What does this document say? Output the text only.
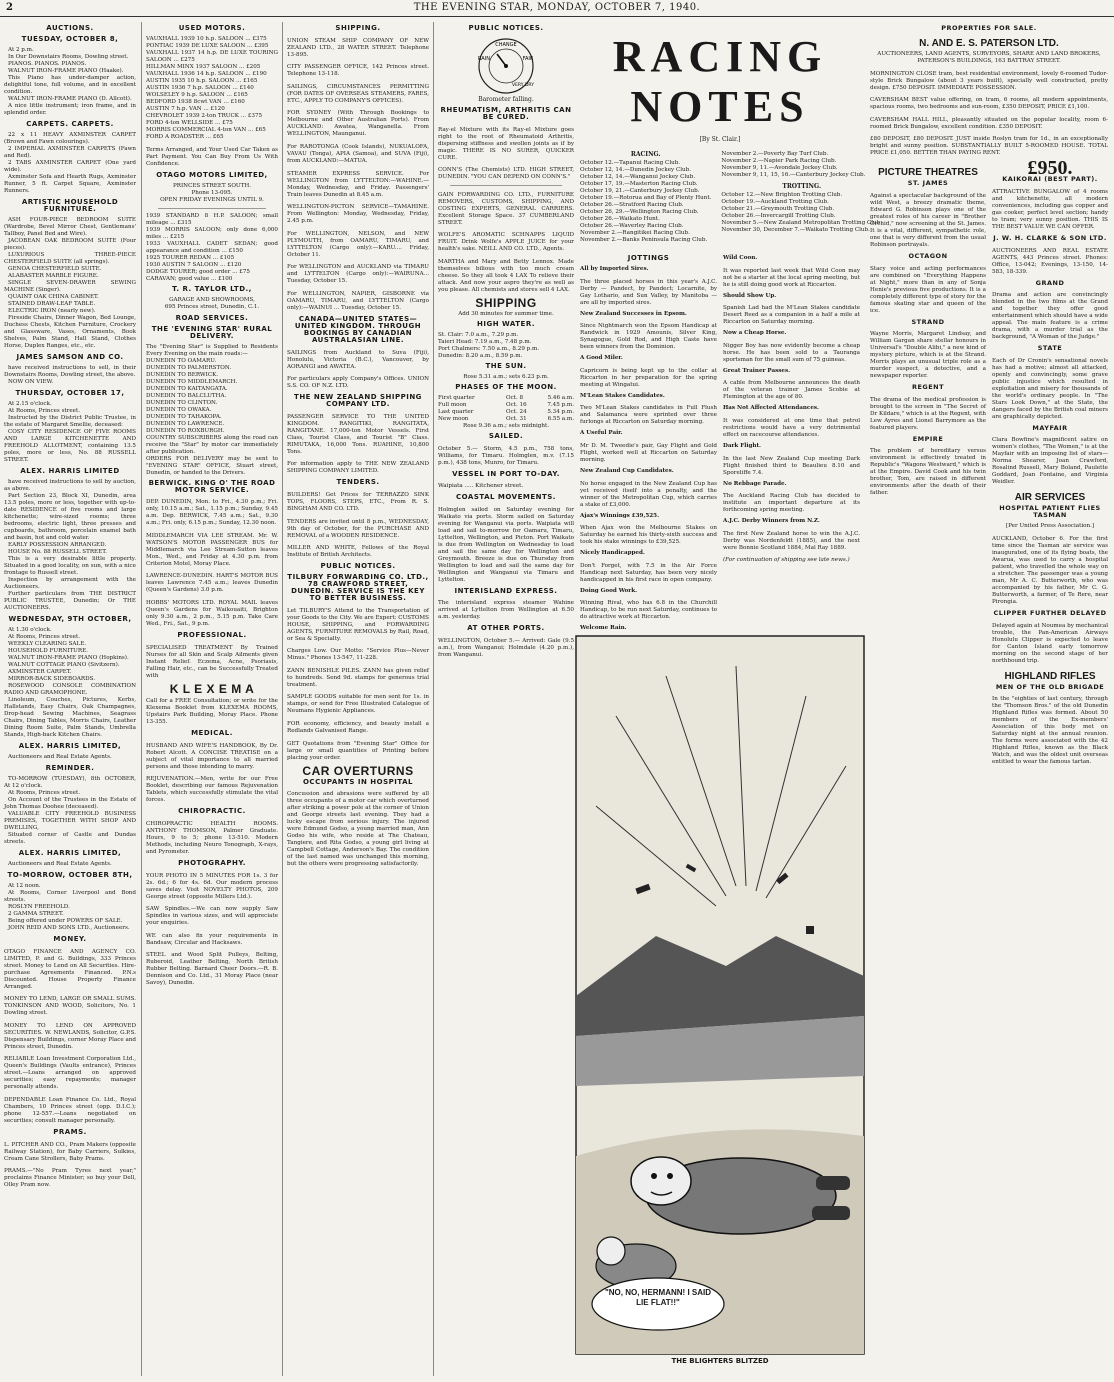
2	THE EVENING STAR, MONDAY, OCTOBER 7, 1940.
AUCTIONS.
TUESDAY, OCTOBER 8,

At 2 p.m.

In Our Downstairs Rooms, Dowling street.

PIANOS. PIANOS. PIANOS.

WALNUT IRON-FRAME PIANO (Haake).

This Piano has under-damper action, delightful tone, full volume, and in excellent condition.

WALNUT IRON-FRAME PIANO (D. Allcott).

A nice little instrument; iron frame, and in splendid order.

CARPETS. CARPETS.

22 x 11 HEAVY AXMINSTER CARPET (Brown and Fawn colourings).

2 IMPERIAL AXMINSTER CARPETS (Fawn and Red).

2 TABS AXMINSTER CARPET (One yard wide).

Axminster Sofa and Hearth Rugs, Axminster Runner, 5 ft. Carpet Square, Axminster Runners.

ARTISTIC HOUSEHOLD FURNITURE.

ASH FOUR-PIECE BEDROOM SUITE (Wardrobe, Bevel Mirror Chest, Gentlemans' Tallboy, Panel Bed and Wire).

JACOBEAN OAK BEDROOM SUITE (Four pieces).

LUXURIOUS THREE-PIECE CHESTERFIELD SUITE (all springs).

GENOA CHESTERFIELD SUITE.

ALABASTER MARBLE FIGURE.

SINGLE SEVEN-DRAWER SEWING MACHINE (Singer).

QUAINT OAK CHINA CABINET.

STAINED DRAW-LEAF TABLE.

ELECTRIC IRON (nearly new).

Fireside Chairs, Dinner Wagon, Bed Lounge, Duchess Chests, Kitchen Furniture, Crockery and Glassware, Vases, Ornaments, Book Shelves, Palm Stand, Hall Stand, Clothes Horse, Duplex Ranges, etc., etc.

JAMES SAMSON AND CO.

have received instructions to sell, in their Downstairs Rooms, Dowling street, the above.

NOW ON VIEW.

THURSDAY, OCTOBER 17,

At 2.15 o'clock.

At Rooms, Princes street.

Instructed by the District Public Trustee, in the estate of Margaret Smellie, deceased:

COSY CITY RESIDENCE OF FIVE ROOMS AND LARGE KITCHENETTE AND FREEHOLD ALLOTMENT, containing 13.5 poles, more or less, No. 88 RUSSELL STREET.

ALEX. HARRIS LIMITED

have received instructions to sell by auction, as above.

Part Section 23, Block XI, Dunedin, area 13.5 poles, more or less, together with up-to-date RESIDENCE of five rooms and large kitchenette; wire-sized rooms; three bedrooms, electric light, three presses and cupboards, bathroom, porcelain enamel bath and basin, hot and cold water.

EARLY POSSESSION ARRANGED.

HOUSE No. 88 RUSSELL STREET.

This is a very desirable little property. Situated in a good locality, on sun, with a nice frontage to Russell street.

Inspection by arrangement with the Auctioneers.

Further particulars from THE DISTRICT PUBLIC TRUSTEE, Dunedin; Or THE AUCTIONEERS.

WEDNESDAY, 9TH OCTOBER,

At 1.30 o'clock.

At Rooms, Princes street.

WEEKLY CLEARING SALE.

HOUSEHOLD FURNITURE.

WALNUT IRON-FRAME PIANO (Hopkins).

WALNUT COTTAGE PIANO (Sivitzern).

AXMINSTER CARPET.

MIRROR-BACK SIDEBOARDS.

ROSEWOOD CONSOLE COMBINATION RADIO AND GRAMOPHONE.

Linoleum, Couches, Pictures, Kerbs, Hallstands, Easy Chairs, Oak Champagnes, Drop-head Sewing Machines, Seagrass Chairs, Dining Tables, Morris Chairs, Leather Dining Room Suite, Palm Stands, Umbrella Stands, High-back Kitchen Chairs.

ALEX. HARRIS LIMITED,

Auctioneers and Real Estate Agents.

REMINDER.

TO-MORROW (TUESDAY), 8th OCTOBER, At 12 o'clock.

At Rooms, Princes street.

On Account of the Trustees in the Estate of John Thomas Doohee (deceased).

VALUABLE CITY FREEHOLD BUSINESS PREMISES, TOGETHER WITH SHOP AND DWELLING,

Situated corner of Castle and Dundas streets.

ALEX. HARRIS LIMITED,

Auctioneers and Real Estate Agents.

TO-MORROW, OCTOBER 8TH,

At 12 noon.

At Rooms, Corner Liverpool and Bond streets.

ROSLYN FREEHOLD.

2 GAMMA STREET.

Being offered under POWERS OF SALE.

JOHN REID AND SONS LTD., Auctioneers.

MONEY.

OTAGO FINANCE AND AGENCY CO. LIMITED, P. and G. Buildings, 333 Princes street. Money to Lend on All Securities. Hire-purchase Agreements Financed. P.N.s Discounted. House Property Finance Arranged.

MONEY TO LEND, LARGE OR SMALL SUMS. TONKINSON AND WOOD, Solicitors, No. 1 Dowling street.

MONEY TO LEND ON APPROVED SECURITIES. W. NEWLANDS, Solicitor, G.P.S. Dispensary Buildings, corner Moray Place and Princes street, Dunedin.

RELIABLE Loan Investment Corporation Ltd., Queen's Buildings (Vaults entrance), Princes street.—Loans arranged on approved securities; easy repayments; manager personally attends.

DEPENDABLE Loan Finance Co. Ltd., Royal Chambers, 10 Princes street (opp. D.I.C.); phone 12-557.—Loans negotiated on securities; consult manager personally.

PRAMS.

L. PITCHER AND CO., Pram Makers (opposite Railway Station), for Baby Carriers, Sulkies, Cream Cane Strollers, Baby Prams.

PRAMS.—"No Pram Tyres next year," proclaims Finance Minister; so buy your Dell, Olley Pram now.

USED MOTORS.
VAUXHALL 1939 10 h.p. SALOON ... £375
PONTIAC 1939 DE LUXE SALOON ... £395
VAUXHALL 1937 14 h.p. DE LUXE TOURING SALOON ... £275
HILLMAN MINX 1937 SALOON ... £205
VAUXHALL 1936 14 h.p. SALOON ... £190
AUSTIN 1935 10 h.p. SALOON ... £165
AUSTIN 1936 7 h.p. SALOON ... £140
WOLSELEY 9 h.p. SALOON ... £165
BEDFORD 1938 8cwt VAN ... £160
AUSTIN 7 h.p. VAN ... £120
CHEVROLET 1939 2-ton TRUCK ... £375
FORD 4-ton WELLSIDE ... £75
MORRIS COMMERCIAL 4-ton VAN ... £65
FORD A ROADSTER ... £65

Terms Arranged, and Your Used Car Taken as Part Payment. You Can Buy From Us With Confidence.

OTAGO MOTORS LIMITED,
PRINCES STREET SOUTH.
Phone 13-095.
OPEN FRIDAY EVENINGS UNTIL 9.
1939 STANDARD 8 H.P. SALOON; small mileage ... £315
1939 MORRIS SALOON; only done 6,000 miles ... £215
1933 VAUXHALL CADET SEDAN; good appearance and condition ... £150
1925 TOURER REDAN ... £105
1930 AUSTIN 7 SALOON ... £120
DODGE TOURER; good order ... £75
CARAVAN; good value ... £100
T. R. TAYLOR LTD.,
GARAGE AND SHOWROOMS,
695 Princes street, Dunedin, C.1.
ROAD SERVICES.
THE 'EVENING STAR' RURAL DELIVERY.
The "Evening Star" is Supplied to Residents Every Evening on the main roads:—
DUNEDIN TO OAMARU.
DUNEDIN TO PALMERSTON.
DUNEDIN TO BERWICK.
DUNEDIN TO MIDDLEMARCH.
DUNEDIN TO KAITANGATA.
DUNEDIN TO BALCLUTHA.
DUNEDIN TO CLINTON.
DUNEDIN TO OWAKA.
DUNEDIN TO TAHAKOPA.
DUNEDIN TO LAWRENCE.
DUNEDIN TO ROXBURGH.
COUNTRY SUBSCRIBERS along the road can receive the "Star" by motor car immediately after publication.
ORDERS FOR DELIVERY may be sent to "EVENING STAR" OFFICE, Stuart street, Dunedin, or handed to the Drivers.
BERWICK. KING O' THE ROAD MOTOR SERVICE.

DEP. DUNEDIN, Mon. to Fri., 4.30 p.m.; Fri. only, 10.15 a.m.; Sat., 1.15 p.m.; Sunday, 9.45 a.m. Dep. BERWICK, 7.45 a.m.; Sat., 9.30 a.m.; Fri. only, 6.15 p.m.; Sunday, 12.30 noon.

MIDDLEMARCH VIA LEE STREAM. Mr. W. WATSON'S MOTOR PASSENGER BUS for Middlemarch via Lee Stream-Sutton leaves Mon., Wed., and Friday at 4.30 p.m. from Criterion Motel, Moray Place.

LAWRENCE-DUNEDIN. HART'S MOTOR BUS leaves Lawrence 7.45 a.m.; leaves Dunedin (Queen's Gardens) 3.0 p.m.

HOBBS' MOTORS LTD. ROYAL MAIL leaves Queen's Gardens for Waikouaiti, Brighton only 9.30 a.m., 2 p.m., 5.15 p.m. Take Care Wed., Fri., Sat., 9 p.m.

PROFESSIONAL.

SPECIALISED TREATMENT By Trained Nurses for all Skin and Scalp Ailments given Instant Relief. Eczema, Acne, Psoriasis, Falling Hair, etc., can be Successfully Treated with

K L E X E M A

Call for a FREE Consultation; or write for the Klexema Booklet from KLEXEMA ROOMS, Upstairs Park Building, Moray Place. Phone 13-355.

MEDICAL.

HUSBAND AND WIFE'S HANDBOOK, By Dr. Robert Alcott. A CONCISE TREATISE on a subject of vital importance to all married persons and those intending to marry.

REJUVENATION.—Men, write for our Free Booklet, describing our famous Rejuvenation Tablets, which successfully stimulate the vital forces.

CHIROPRACTIC.

CHIROPRACTIC HEALTH ROOMS. ANTHONY THOMSON, Palmer Graduate. Hours, 9 to 5; phone 13-510. Modern Methods, including Neuro Tonograph, X-rays, and Pyrometer.

PHOTOGRAPHY.

YOUR PHOTO IN 5 MINUTES FOR 1s. 3 for 2s. 6d.; 6 for 4s. 6d. Our modern process saves delay. Visit NOVELTY PHOTOS, 209 George street (opposite Millers Ltd.).

SAW Spindles.—We can now supply Saw Spindles in various sizes, and will appreciate your enquiries.

WE can also fix your requirements in Bandsaw, Circular and Hacksaws.

STEEL and Wood Split Pulleys, Belting, Ruberoid, Leather Belting, North British Rubber Belting. Barnard Cheer Doors.—R. B. Dennison and Co. Ltd., 31 Moray Place (near Savoy), Dunedin.

SHIPPING.

UNION STEAM SHIP COMPANY OF NEW ZEALAND LTD., 28 WATER STREET. Telephone 13-895.

CITY PASSENGER OFFICE, 142 Princes street. Telephone 13-118.

SAILINGS, CIRCUMSTANCES PERMITTING (FOR DATES OF OVERSEAS STEAMERS, FARES, ETC., APPLY TO COMPANY'S OFFICES).

FOR SYDNEY (With Through Bookings to Melbourne and Other Australian Ports). From AUCKLAND: Awatea, Wanganella. From WELLINGTON, Maunganui.

For RAROTONGA (Cook Islands), NUKUALOFA, VAVAU (Tonga), APIA (Samoa), and SUVA (Fiji), from AUCKLAND:—MATUA.

STEAMER EXPRESS SERVICE. For WELLINGTON from LYTTELTON:—WAHINE.—Monday, Wednesday, and Friday. Passengers' Train leaves Dunedin at 8.45 a.m.

WELLINGTON-PICTON SERVICE—TAMAHINE. From Wellington: Monday, Wednesday, Friday, 2.45 p.m.

For WELLINGTON, NELSON, and NEW PLYMOUTH, from OAMARU, TIMARU, and LYTTELTON (Cargo only):—KARU.... Friday, October 11.

For WELLINGTON and AUCKLAND via TIMARU and LYTTELTON (Cargo only):—WAIRUNA... Tuesday, October 15.

For WELLINGTON, NAPIER, GISBORNE via OAMARU, TIMARU, and LYTTELTON (Cargo only):—WAINUI ... Tuesday, October 15.

CANADA—UNITED STATES—UNITED KINGDOM. THROUGH BOOKINGS BY CANADIAN AUSTRALASIAN LINE.

SAILINGS from Auckland to Suva (Fiji), Honolulu, Victoria (B.C.), Vancouver, by AORANGI and AWATEA.

For particulars apply Company's Offices. UNION S.S. CO. OF N.Z. LTD.

THE NEW ZEALAND SHIPPING COMPANY LTD.

PASSENGER SERVICE TO THE UNITED KINGDOM. RANGITIKI, RANGITATA, RANGITANE. 17,000-ton Motor Vessels. First Class, Tourist Class, and Tourist "B" Class. RIMUTAKA, 16,000 Tons. RUAHINE, 10,800 Tons.

For information apply to THE NEW ZEALAND SHIPPING COMPANY LIMITED.

TENDERS.

BUILDERS! Get Prices for TERRAZZO SINK TOPS, FLOORS, STEPS, ETC., From R. S. BINGHAM AND CO. LTD.

TENDERS are invited until 8 p.m., WEDNESDAY, 9th day of October, for the PURCHASE AND REMOVAL of a WOODEN RESIDENCE.

MILLER AND WHITE, Fellows of the Royal Institute of British Architects.

PUBLIC NOTICES.
TILBURY FORWARDING CO. LTD., 78 CRAWFORD STREET, DUNEDIN. SERVICE IS THE KEY TO BETTER BUSINESS.

Let TILBURY'S Attend to the Transportation of your Goods to the City. We are Expert: CUSTOMS HOUSE, SHIPPING, and FORWARDING AGENTS, FURNITURE REMOVALS by Rail, Road, or Sea & Specialty.

Charges Low. Our Motto: "Service Plus—Never Minus." Phones 13-547, 11-228.

ZANN BENISHLE PILES. ZANN has given relief to hundreds. Send 9d. stamps for generous trial treatment.

SAMPLE GOODS suitable for men sent for 1s. in stamps, or send for Free Illustrated Catalogue of Neumans Hygienic Appliances.

FOR economy, efficiency, and beauty install a Redlands Galvanised Range.

GET Quotations from "Evening Star" Office for large or small quantities of Printing before placing your order.

CAR OVERTURNS
OCCUPANTS IN HOSPITAL

Concussion and abrasions were suffered by all three occupants of a motor car which overturned after striking a power pole at the corner of Union and George streets last evening. They had a lucky escape from serious injury. The injured were Edmund Godso, a young married man, Ann Godso his wife, who reside at The Chateau, Tangiere, and Rita Godso, a young girl living at Campbell Cottage, Anderson's Bay. The condition of the last named was unchanged this morning, but the others were progressing satisfactorily.

PUBLIC NOTICES.
CHANGE
FAIR
RAIN
VERY DRY
Barometer falling.
RHEUMATISM, ARTHRITIS CAN BE CURED.

Ray-el Mixture with its Ray-el Mixture goes right to the root of Rheumatoid Arthritis, dispersing stiffness and swollen joints as if by magic. THERE IS NO SURER, QUICKER CURE.

CONN'S (The Chemists) LTD. HIGH STREET, DUNEDIN. "YOU CAN DEPEND ON CONN'S."

GAIN FORWARDING CO. LTD., FURNITURE REMOVERS, CUSTOMS, SHIPPING, AND COSTING EXPERTS, GENERAL CARRIERS. Excellent Storage Space. 37 CUMBERLAND STREET.

WOLFE'S AROMATIC SCHNAPPS LIQUID FRUIT. Drink Wolfe's APPLE JUICE for your health's sake. NEILL AND CO. LTD., Agents.

MARTHA and Mary and Betty Lennox. Made themselves bilious with too much cream cheese. So they all took 4 LAX To relieve their attack. And now your aspro they're as well as you please. All chemists and stores sell 4 LAX.

SHIPPING
Add 30 minutes for summer time.
HIGH WATER.
St. Clair: 7.0 a.m., 7.29 p.m.
Taieri Head: 7.19 a.m., 7.48 p.m.
Port Chalmers: 7.50 a.m., 8.29 p.m.
Dunedin: 8.20 a.m., 8.59 p.m.
THE SUN.
Rose 5.31 a.m.; sets 6.23 p.m.
PHASES OF THE MOON.
First quarter	Oct. 8	5.46 a.m.
Full moon	Oct. 16	7.45 p.m.
Last quarter	Oct. 24	5.34 p.m.
New moon	Oct. 31	6.55 a.m.
Rose 9.36 a.m.; sets midnight.
SAILED.

October 5.— Storm, 4.5 p.m., 758 tons, Williams, for Timaru. Holmglen, m.v. (7.15 p.m.), 438 tons, Munro, for Timaru.

VESSEL IN PORT TO-DAY.

Waipiata ..... Kitchener street.

COASTAL MOVEMENTS.

Holmglen sailed on Saturday evening for Waikato via ports. Storm sailed on Saturday evening for Wanganui via ports. Waipiata will load and sail to-morrow for Oamaru, Timaru, Lyttelton, Wellington, and Picton. Port Waikato is due from Wellington on Wednesday to load and sail the same day for Wellington and Greymouth. Breeze is due on Thursday from Wellington to load and sail the same day for Wellington and Wanganui via Timaru and Lyttelton.

INTERISLAND EXPRESS.

The interisland express steamer Wahine arrived at Lyttelton from Wellington at 6.50 a.m. yesterday.

AT OTHER PORTS.

WELLINGTON, October 5.— Arrived: Gale (9.5 a.m.), from Wanganui; Holmdale (4.20 p.m.), from Wanganui.

RACING NOTES
[By St. Clair.]
RACING.
October 12.—Tapanui Racing Club.
October 12, 14.—Dunedin Jockey Club.
October 12, 14.—Wanganui Jockey Club.
October 17, 19.—Masterton Racing Club.
October 19, 21.—Canterbury Jockey Club.
October 19.—Rotorua and Bay of Plenty Hunt.
October 26.—Stratford Racing Club.
October 26, 29.—Wellington Racing Club.
October 26.—Waikato Hunt.
October 26.—Waverley Racing Club.
November 2.—Rangitikei Racing Club.
November 2.—Banks Peninsula Racing Club.
November 2.—Poverty Bay Turf Club.
November 2.—Napier Park Racing Club.
November 9, 11.—Avondale Jockey Club.
November 9, 11, 15, 16.—Canterbury Jockey Club.
TROTTING.
October 12.—New Brighton Trotting Club.
October 19.—Auckland Trotting Club.
October 21.—Greymouth Trotting Club.
October 26.—Invercargill Trotting Club.
November 5.—New Zealand Metropolitan Trotting Club.
November 30, December 7.—Waikato Trotting Club.
JOTTINGS
All by Imported Sires.

The three placed horses in this year's A.J.C. Derby — Pandect, by Pandect; Locarnite, by Gay Lothario, and Sun Valley, by Manitoba — are all by imported sires.

New Zealand Successes in Epsom.

Since Nightmarch won the Epsom Handicap at Randwick in 1929 Amounis, Silver King, Synagogue, Gold Rod, and High Caste have been winners from the Dominion.

A Good Miler.

Capricorn is being kept up to the collar at Riccarton in her preparation for the spring meeting at Wingatui.

M'Lean Stakes Candidates.

Two M'Lean Stakes candidates in Full Flush and Salamanca were sprinted over three furlongs at Riccarton on Saturday morning.

A Useful Pair.

Mr D. M. Tweedie's pair, Gay Flight and Gold Flight, worked well at Riccarton on Saturday morning.

New Zealand Cup Candidates.

No horse engaged in the New Zealand Cup has yet received itself into a penalty, and the winner of the Metropolitan Cup, which carries a stake of £3,000.

Ajax's Winnings £39,525.

When Ajax won the Melbourne Stakes on Saturday he earned his thirty-sixth success and took his stake winnings to £39,525.

Nicely Handicapped.

Don't Forget, with 7.5 in the Air Force Handicap next Saturday, has been very nicely handicapped in his first race in open company.

Doing Good Work.

Winning Rival, who has 6.8 in the Churchill Handicap, to be run next Saturday, continues to do attractive work at Riccarton.

Welcome Rain.

Wild Coon.

It was reported last week that Wild Coon may not be a starter at the local spring meeting, but he is still doing good work at Riccarton.

Should Show Up.

Spanish Lad had the M'Lean Stakes candidate Desert Reed as a companion in a half a mile at Riccarton on Saturday morning.

Now a Cheap Horse.

Nigger Boy has now evidently become a cheap horse. He has been sold to a Tauranga sportsman for the small sum of 75 guineas.

Great Trainer Passes.

A cable from Melbourne announces the death of the veteran trainer James Scobie at Flemington at the age of 80.

Has Not Affected Attendances.

It was considered at one time that petrol restrictions would have a very detrimental effect on racecourse attendances.

Dark Flight.

In the last New Zealand Cup meeting Dark Flight finished third to Beaulieu 8.10 and Sporeliffe 7.4.

No Rebbage Parade.

The Auckland Racing Club has decided to institute an important departure at its forthcoming spring meeting.

A.J.C. Derby Winners from N.Z.

The first New Zealand horse to win the A.J.C. Derby was Nordenfeldt (1885), and the next were Bonnie Scotland 1884, Mal Ray 1889.

(For continuation of shipping see late news.)

"NO, NO, HERMANN! I SAID LIE FLAT!!"
THE BLIGHTERS BLITZED
PROPERTIES FOR SALE.
N. AND E. S. PATERSON LTD.
AUCTIONEERS, LAND AGENTS, SURVEYORS, SHARE AND LAND BROKERS, PATERSON'S BUILDINGS, 163 BATTRAY STREET.

MORNINGTON CLOSE tram, best residential environment, lovely 6-roomed Tudor-style Brick Bungalow (about 3 years built), specially well constructed, pretty design. £750 DEPOSIT. IMMEDIATE POSSESSION.

CAVERSHAM BEST value offering, on tram, 6 rooms, all modern appointments, spacious rooms, two bedrooms and sun-room, £350 DEPOSIT, PRICE £1,100.

CAVERSHAM HALL HILL, pleasantly situated on the popular locality, room 6-roomed Brick Bungalow, excellent condition. £350 DEPOSIT.

£80 DEPOSIT, £80 DEPOSIT. JUST inside Roslyn tram for 1d., in an exceptionally bright and sunny position. SUBSTANTIALLY BUILT 5-ROOMED HOUSE. TOTAL PRICE £1,050. BETTER THAN PAYING RENT.

PICTURE THEATRES
ST. JAMES

Against a spectacular background of the wild West, a breezy dramatic theme, Edward G. Robinson plays one of the greatest roles of his career in "Brother Orchid," now screening at the St. James. It is a vital, different, sympathetic role, one that is very different from the usual Robinson portrayals.

OCTAGON

Stacy voice and acting performances are combined on "Everything Happens at Night," more than in any of Sonja Henie's previous five productions. It is a completely different type of story for the famous skating star and queen of the ice.

STRAND

Wayne Morris, Margaret Lindsay, and William Gargan share stellar honours in Universal's "Double Alibi," a new kind of mystery picture, which is at the Strand. Morris plays an unusual triple role as a murder suspect, a detective, and a newspaper reporter.

REGENT

The drama of the medical profession is brought to the screen in "The Secret of Dr Kildare," which is at the Regent, with Lew Ayres and Lionel Barrymore as the featured players.

EMPIRE

The problem of hereditary versus environment is effectively treated in Republic's "Wagons Westward," which is at the Empire. David Cook and his twin brother, Tom, are raised in different environments after the death of their father.

£950.
KAIKORAI (BEST PART).

ATTRACTIVE BUNGALOW of 4 rooms and kitchenette, all modern conveniences, including gas copper and gas cooker, perfect level section; handy to tram; very sunny position. THIS IS THE BEST VALUE WE CAN OFFER.

J. W. H. CLARKE & SON LTD.

AUCTIONEERS AND REAL ESTATE AGENTS, 443 Princes street. Phones: Office, 13-042; Evenings, 13-150, 14-583, 18-339.

GRAND

Drama and action are convincingly blended in the two films at the Grand and together they offer good entertainment which should have a wide appeal. The main feature is a crime drama, with a murder trial as the background, "A Woman of the Judge."

STATE

Each of Dr Cronin's sensational novels has had a motive; almost all attacked, openly and convincingly, some grave public injustice which resulted in exploitation and misery for thousands of the world's ordinary people. In "The Stars Look Down," at the State, the dangers faced by the British coal miners are graphically depicted.

MAYFAIR

Clara Bowfine's magnificent satire on women's clothes, "The Women," is at the Mayfair with an imposing list of stars—Norma Shearer, Joan Crawford, Rosalind Russell, Mary Boland, Paulette Goddard, Joan Fontaine, and Virginia Weidler.

AIR SERVICES
HOSPITAL PATIENT FLIES TASMAN
[Per United Press Association.]

AUCKLAND, October 6. For the first time since the Tasman air service was inaugurated, one of its flying boats, the Awarua, was used to carry a hospital patient, who travelled the whole way on a stretcher. The passenger was a young man, Mr A. C. Butterworth, who was accompanied by his father, Mr C. G. Butterworth, a farmer, of Te Rere, near Pirongia.

CLIPPER FURTHER DELAYED

Delayed again at Noumea by mechanical trouble, the Pan-American Airways Honolulu Clipper is expected to leave for Canton Island early tomorrow morning on the second stage of her northbound trip.

HIGHLAND RIFLES
MEN OF THE OLD BRIGADE

In the "eighties of last century, through the "Thomson Bros." of the old Dunedin Highland Rifles was formed. About 50 members of the Ex-members' Association of this body met on Saturday night at the annual reunion. The forms were associated with the 42 Highland Rifles, known as the Black Watch, and was the oldest unit overseas entitled to wear the famous tartan.
